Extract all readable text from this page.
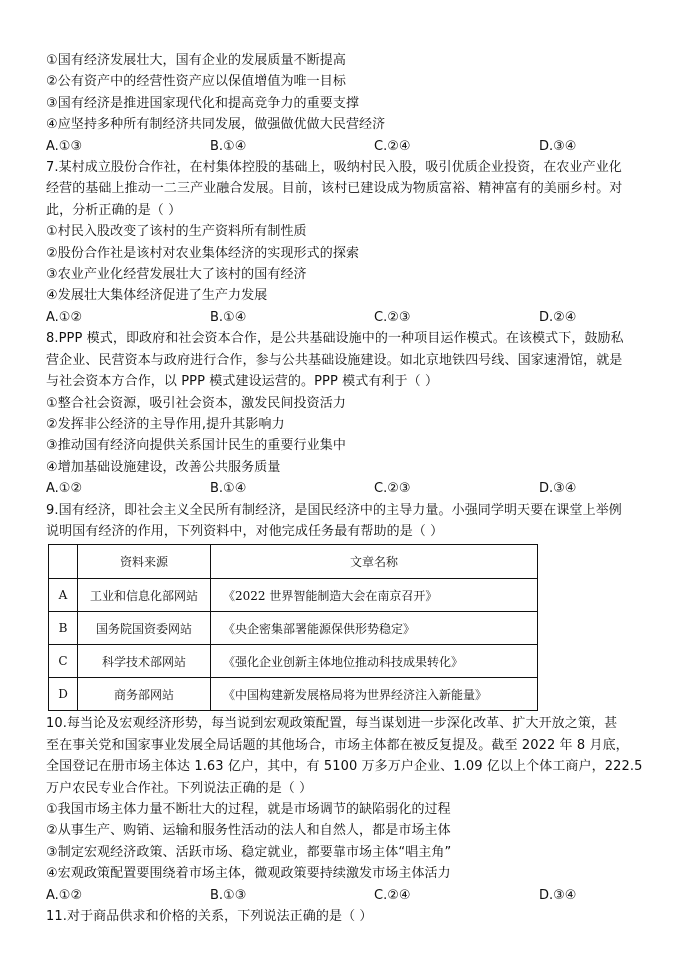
①国有经济发展壮大，国有企业的发展质量不断提高
②公有资产中的经营性资产应以保值增值为唯一目标
③国有经济是推进国家现代化和提高竞争力的重要支撑
④应坚持多种所有制经济共同发展，做强做优做大民营经济
A.①③	B.①④	C.②④	D.③④
7.某村成立股份合作社，在村集体控股的基础上，吸纳村民入股，吸引优质企业投资，在农业产业化
经营的基础上推动一二三产业融合发展。目前，该村已建设成为物质富裕、精神富有的美丽乡村。对
此，分析正确的是（ ）
①村民入股改变了该村的生产资料所有制性质
②股份合作社是该村对农业集体经济的实现形式的探索
③农业产业化经营发展壮大了该村的国有经济
④发展壮大集体经济促进了生产力发展
A.①②	B.①④	C.②③	D.②④
8.PPP 模式，即政府和社会资本合作，是公共基础设施中的一种项目运作模式。在该模式下，鼓励私
营企业、民营资本与政府进行合作，参与公共基础设施建设。如北京地铁四号线、国家速滑馆，就是
与社会资本方合作，以 PPP 模式建设运营的。PPP 模式有利于（ ）
①整合社会资源，吸引社会资本，激发民间投资活力
②发挥非公经济的主导作用,提升其影响力
③推动国有经济向提供关系国计民生的重要行业集中
④增加基础设施建设，改善公共服务质量
A.①②	B.①④	C.②③	D.③④
9.国有经济，即社会主义全民所有制经济，是国民经济中的主导力量。小强同学明天要在课堂上举例
说明国有经济的作用，下列资料中，对他完成任务最有帮助的是（ ）
	资料来源	文章名称
A	工业和信息化部网站	《2022 世界智能制造大会在南京召开》
B	国务院国资委网站	《央企密集部署能源保供形势稳定》
C	科学技术部网站	《强化企业创新主体地位推动科技成果转化》
D	商务部网站	《中国构建新发展格局将为世界经济注入新能量》
10.每当论及宏观经济形势，每当说到宏观政策配置，每当谋划进一步深化改革、扩大开放之策，甚
至在事关党和国家事业发展全局话题的其他场合，市场主体都在被反复提及。截至 2022 年 8 月底，
全国登记在册市场主体达 1.63 亿户，其中，有 5100 万多万户企业、1.09 亿以上个体工商户，222.5
万户农民专业合作社。下列说法正确的是（ ）
①我国市场主体力量不断壮大的过程，就是市场调节的缺陷弱化的过程
②从事生产、购销、运输和服务性活动的法人和自然人，都是市场主体
③制定宏观经济政策、活跃市场、稳定就业，都要靠市场主体“唱主角”
④宏观政策配置要围绕着市场主体，微观政策要持续激发市场主体活力
A.①②	B.①③	C.②④	D.③④
11.对于商品供求和价格的关系，下列说法正确的是（ ）
